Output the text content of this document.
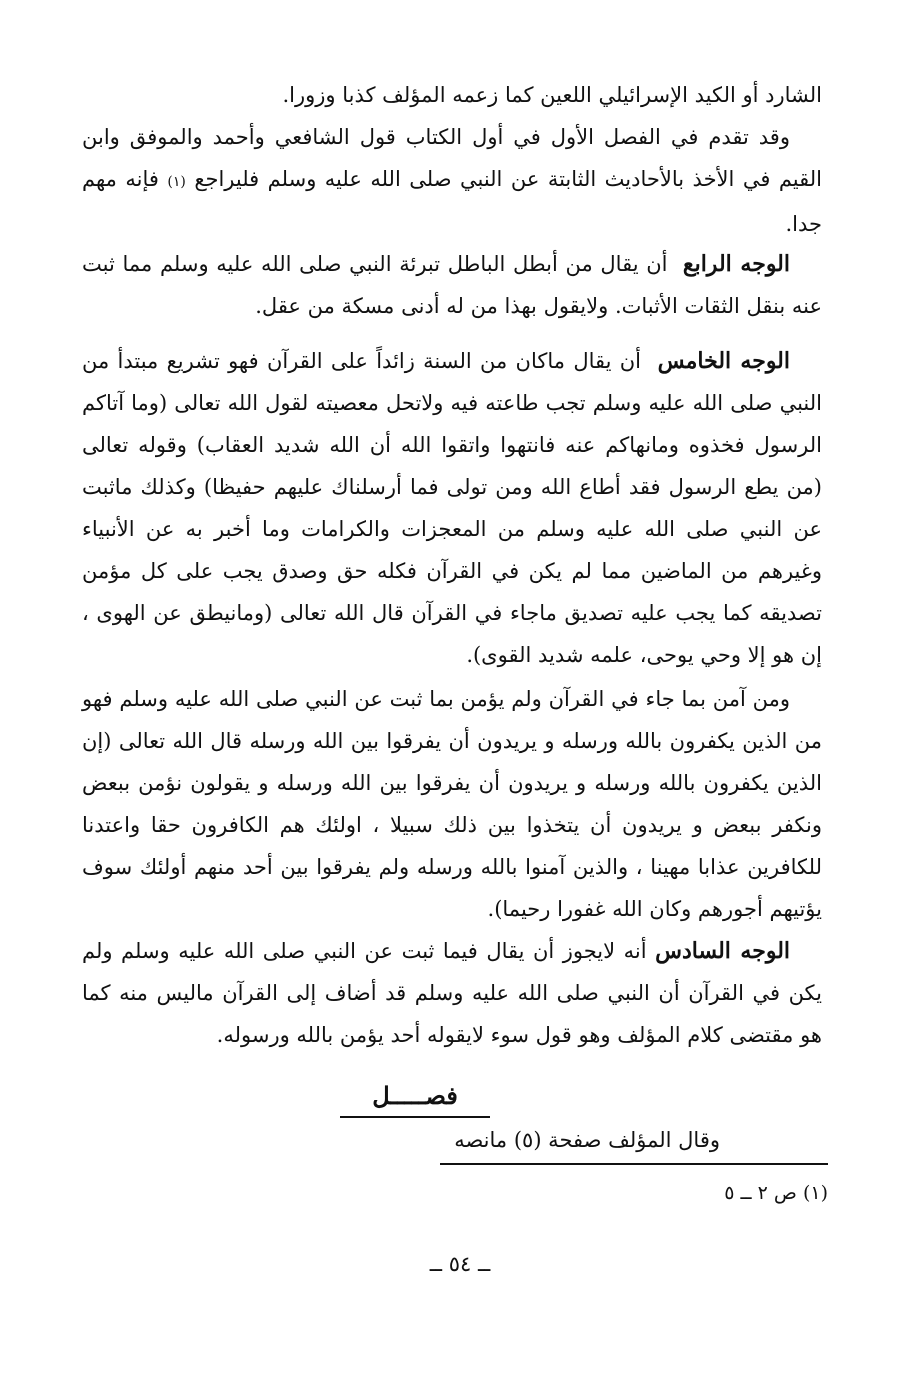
الشارد أو الكيد الإسرائيلي اللعين كما زعمه المؤلف كذبا وزورا.

وقد تقدم في الفصل الأول في أول الكتاب قول الشافعي وأحمد والموفق وابن القيم في الأخذ بالأحاديث الثابتة عن النبي صلى الله عليه وسلم فليراجع (١) فإنه مهم جدا.

الوجه الرابع  أن يقال من أبطل الباطل تبرئة النبي صلى الله عليه وسلم مما ثبت عنه بنقل الثقات الأثبات. ولايقول بهذا من له أدنى مسكة من عقل.

الوجه الخامس  أن يقال ماكان من السنة زائداً على القرآن فهو تشريع مبتدأ من النبي صلى الله عليه وسلم تجب طاعته فيه ولاتحل معصيته لقول الله تعالى (وما آتاكم الرسول فخذوه ومانهاكم عنه فانتهوا واتقوا الله أن الله شديد العقاب) وقوله تعالى (من يطع الرسول فقد أطاع الله ومن تولى فما أرسلناك عليهم حفيظا) وكذلك ماثبت عن النبي صلى الله عليه وسلم من المعجزات والكرامات وما أخبر به عن الأنبياء وغيرهم من الماضين مما لم يكن في القرآن فكله حق وصدق يجب على كل مؤمن تصديقه كما يجب عليه تصديق ماجاء في القرآن قال الله تعالى (ومانيطق عن الهوى ، إن هو إلا وحي يوحى، علمه شديد القوى).

ومن آمن بما جاء في القرآن ولم يؤمن بما ثبت عن النبي صلى الله عليه وسلم فهو من الذين يكفرون بالله ورسله و يريدون أن يفرقوا بين الله ورسله قال الله تعالى (إن الذين يكفرون بالله ورسله و يريدون أن يفرقوا بين الله ورسله و يقولون نؤمن ببعض ونكفر ببعض و يريدون أن يتخذوا بين ذلك سبيلا ، اولئك هم الكافرون حقا واعتدنا للكافرين عذابا مهينا ، والذين آمنوا بالله ورسله ولم يفرقوا بين أحد منهم أولئك سوف يؤتيهم أجورهم وكان الله غفورا رحيما).

الوجه السادس أنه لايجوز أن يقال فيما ثبت عن النبي صلى الله عليه وسلم ولم يكن في القرآن أن النبي صلى الله عليه وسلم قد أضاف إلى القرآن ماليس منه كما هو مقتضى كلام المؤلف وهو قول سوء لايقوله أحد يؤمن بالله ورسوله.

فصـــــل
وقال المؤلف صفحة (٥) مانصه
(١) ص ٢ ــ ٥
ــ ٥٤ ــ
